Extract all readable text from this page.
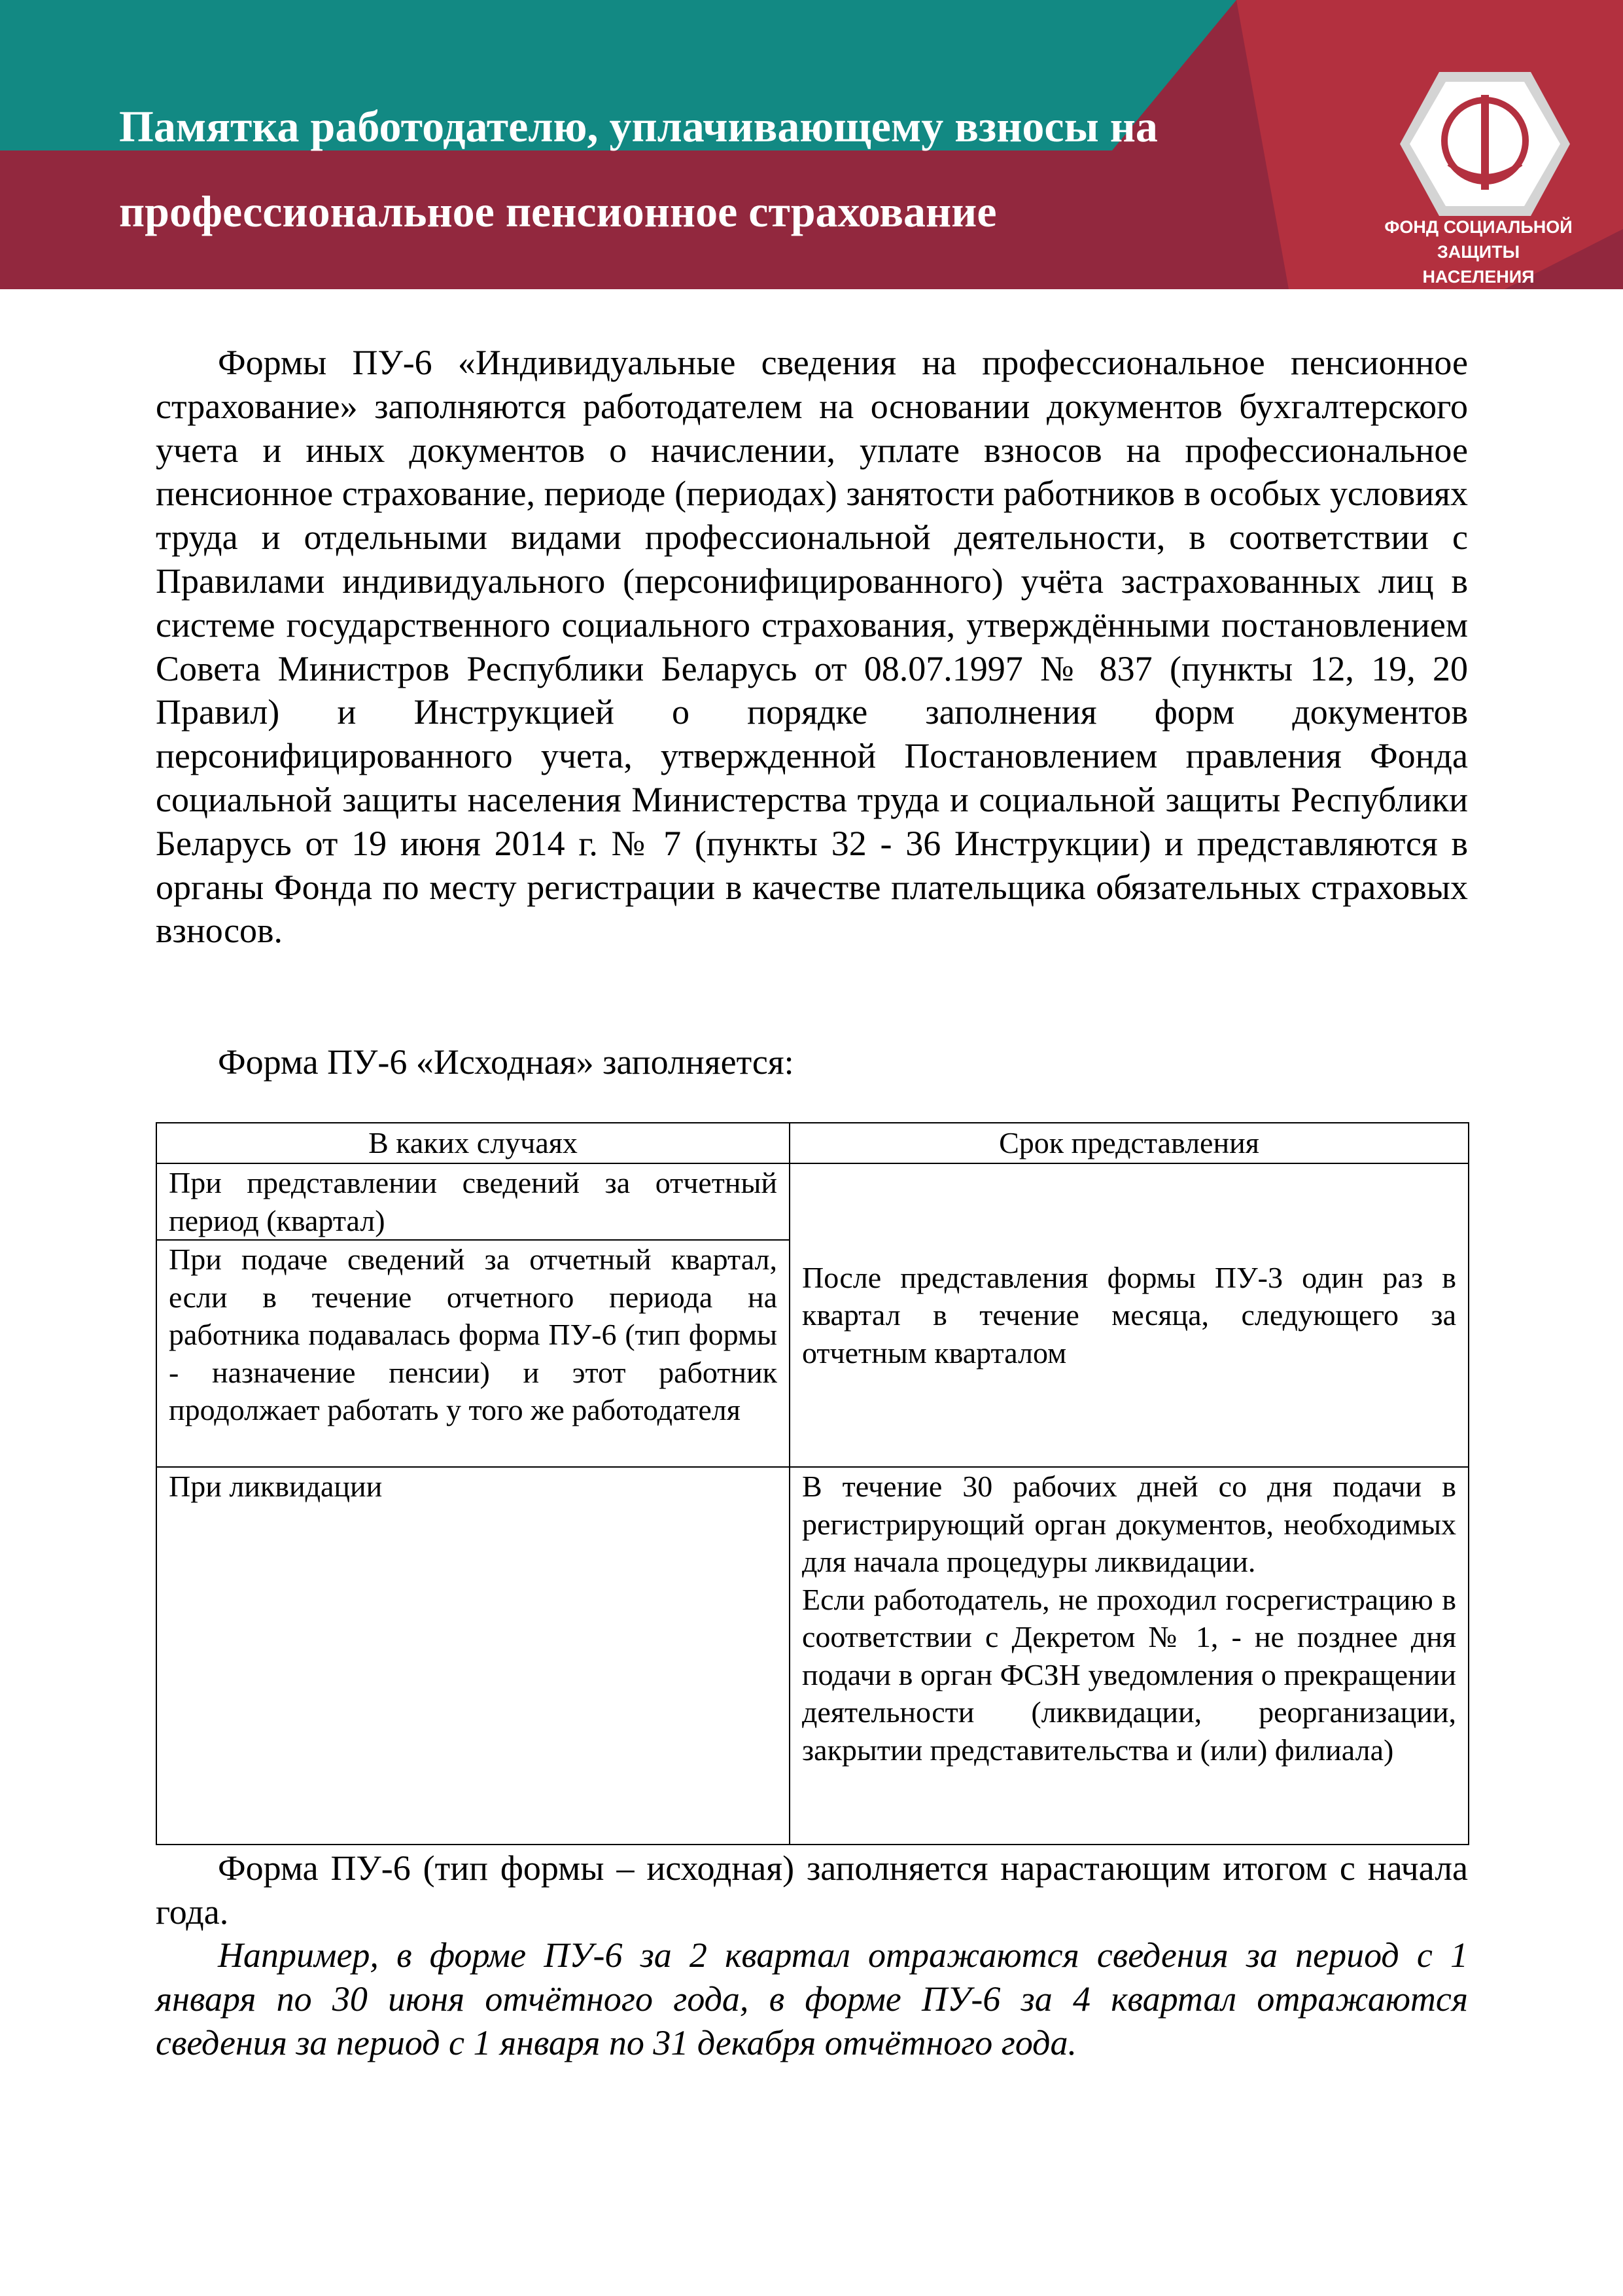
Памятка работодателю, уплачивающему взносы на
профессиональное пенсионное страхование	ФОНД СОЦИАЛЬНОЙ
ЗАЩИТЫ НАСЕЛЕНИЯ

Формы ПУ-6 «Индивидуальные сведения на профессиональное пенсионное страхование» заполняются работодателем на основании документов бухгалтерского учета и иных документов о начислении, уплате взносов на профессиональное пенсионное страхование, периоде (периодах) занятости работников в особых условиях труда и отдельными видами профессиональной деятельности, в соответствии с Правилами индивидуального (персонифицированного) учёта застрахованных лиц в системе государственного социального страхования, утверждёнными постановлением Совета Министров Республики Беларусь от 08.07.1997 № 837 (пункты 12, 19, 20 Правил) и Инструкцией о порядке заполнения форм документов персонифицированного учета, утвержденной Постановлением правления Фонда социальной защиты населения Министерства труда и социальной защиты Республики Беларусь от 19 июня 2014 г. № 7 (пункты 32 - 36 Инструкции) и представляются в органы Фонда по месту регистрации в качестве плательщика обязательных страховых взносов.

Форма ПУ-6 «Исходная» заполняется:

В каких случаях	Срок представления
При представлении сведений за отчетный период (квартал)	После представления формы ПУ-3 один раз в квартал в течение месяца, следующего за отчетным кварталом
При подаче сведений за отчетный квартал, если в течение отчетного периода на работника подавалась форма ПУ-6 (тип формы - назначение пенсии) и этот работник продолжает работать у того же работодателя	
При ликвидации	В течение 30 рабочих дней со дня подачи в регистрирующий орган документов, необходимых для начала процедуры ликвидации.
Если работодатель, не проходил госрегистрацию в соответствии с Декретом № 1, - не позднее дня подачи в орган ФСЗН уведомления о прекращении деятельности (ликвидации, реорганизации, закрытии представительства и (или) филиала)

Форма ПУ-6 (тип формы – исходная) заполняется нарастающим итогом с начала года.

Например, в форме ПУ-6 за 2 квартал отражаются сведения за период с 1 января по 30 июня отчётного года, в форме ПУ-6 за 4 квартал отражаются сведения за период с 1 января по 31 декабря отчётного года.
